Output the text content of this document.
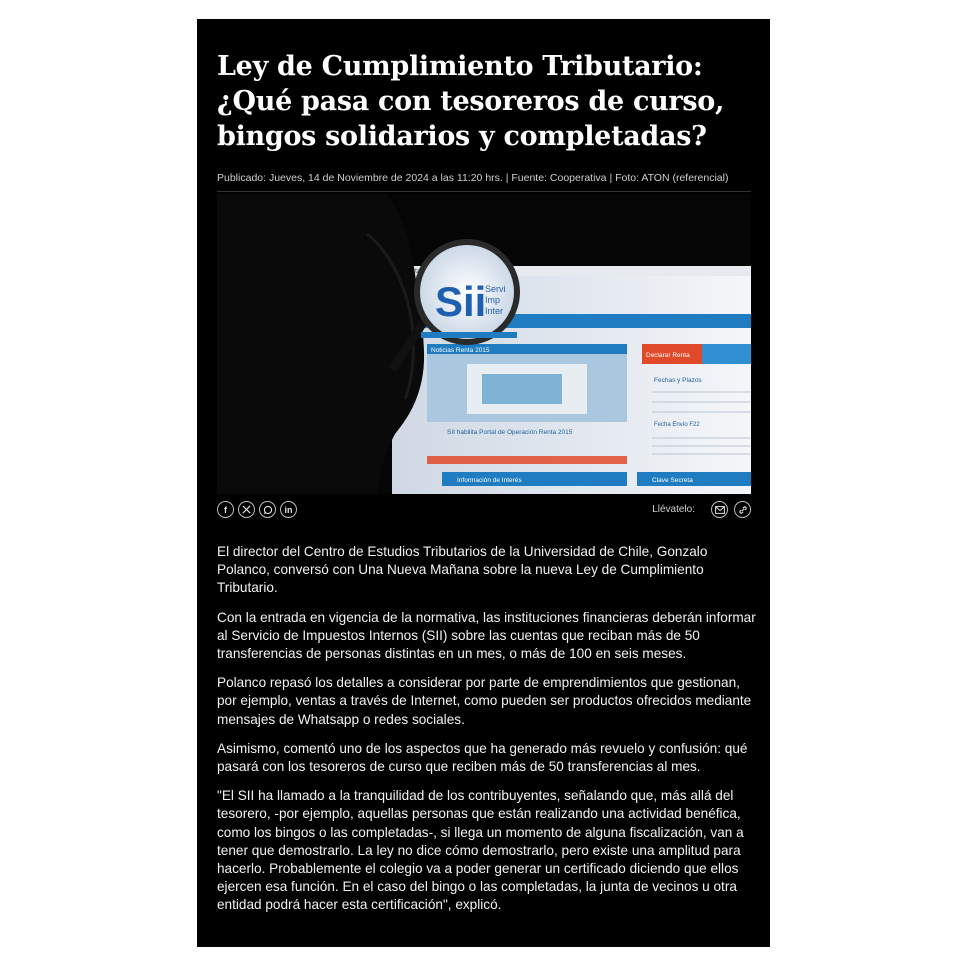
Ley de Cumplimiento Tributario: ¿Qué pasa con tesoreros de curso, bingos solidarios y completadas?
Publicado: Jueves, 14 de Noviembre de 2024 a las 11:20 hrs. | Fuente: Cooperativa | Foto: ATON (referencial)
Noticias Renta 2015
SII habilita Portal de Operación Renta 2015
Declarar Renta
Fechas y Plazos
Fecha Envío F22
Información de Interés	Clave Secreta
Sii
Servi
Imp
Inter
f	in	Llévatelo:

El director del Centro de Estudios Tributarios de la Universidad de Chile, Gonzalo Polanco, conversó con Una Nueva Mañana sobre la nueva Ley de Cumplimiento Tributario.

Con la entrada en vigencia de la normativa, las instituciones financieras deberán informar al Servicio de Impuestos Internos (SII) sobre las cuentas que reciban más de 50 transferencias de personas distintas en un mes, o más de 100 en seis meses.

Polanco repasó los detalles a considerar por parte de emprendimientos que gestionan, por ejemplo, ventas a través de Internet, como pueden ser productos ofrecidos mediante mensajes de Whatsapp o redes sociales.

Asimismo, comentó uno de los aspectos que ha generado más revuelo y confusión: qué pasará con los tesoreros de curso que reciben más de 50 transferencias al mes.

"El SII ha llamado a la tranquilidad de los contribuyentes, señalando que, más allá del tesorero, -por ejemplo, aquellas personas que están realizando una actividad benéfica, como los bingos o las completadas-, si llega un momento de alguna fiscalización, van a tener que demostrarlo. La ley no dice cómo demostrarlo, pero existe una amplitud para hacerlo. Probablemente el colegio va a poder generar un certificado diciendo que ellos ejercen esa función. En el caso del bingo o las completadas, la junta de vecinos u otra entidad podrá hacer esta certificación", explicó.
